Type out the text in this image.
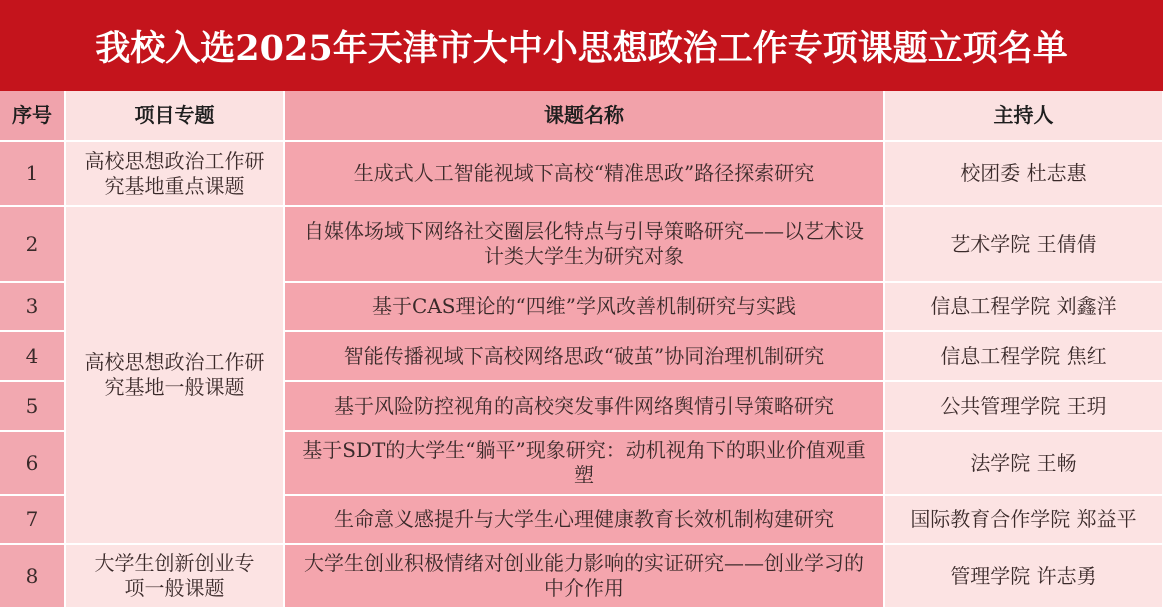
我校入选2025年天津市大中小思想政治工作专项课题立项名单
序号	项目专题	课题名称	主持人
1	高校思想政治工作研究基地重点课题	生成式人工智能视域下高校“精准思政”路径探索研究	校团委 杜志惠
2	高校思想政治工作研究基地一般课题	自媒体场域下网络社交圈层化特点与引导策略研究——以艺术设计类大学生为研究对象	艺术学院 王倩倩
3		基于CAS理论的“四维”学风改善机制研究与实践	信息工程学院 刘鑫洋
4		智能传播视域下高校网络思政“破茧”协同治理机制研究	信息工程学院 焦红
5		基于风险防控视角的高校突发事件网络舆情引导策略研究	公共管理学院 王玥
6		基于SDT的大学生“躺平”现象研究：动机视角下的职业价值观重塑	法学院 王畅
7		生命意义感提升与大学生心理健康教育长效机制构建研究	国际教育合作学院 郑益平
8	大学生创新创业专项一般课题	大学生创业积极情绪对创业能力影响的实证研究——创业学习的中介作用	管理学院 许志勇
